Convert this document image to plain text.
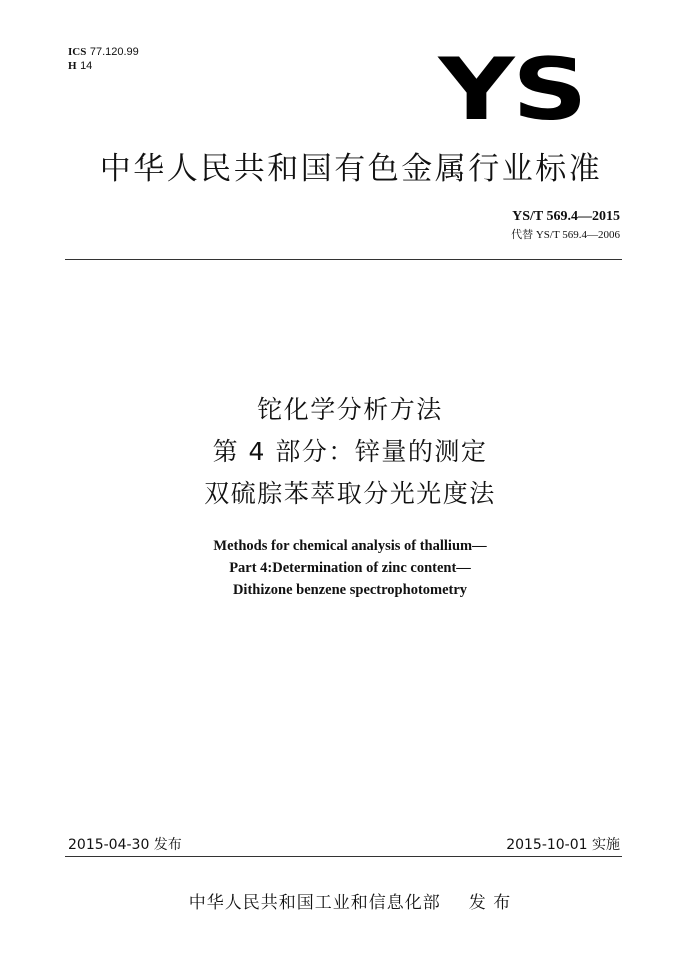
ICS 77.120.99
H 14	YS
中华人民共和国有色金属行业标准
YS/T 569.4—2015
代替 YS/T 569.4—2006
铊化学分析方法
第 4 部分：锌量的测定
双硫腙苯萃取分光光度法
Methods for chemical analysis of thallium—
Part 4:Determination of zinc content—
Dithizone benzene spectrophotometry
2015-04-30 发布	2015-10-01 实施
中华人民共和国工业和信息化部 发 布
